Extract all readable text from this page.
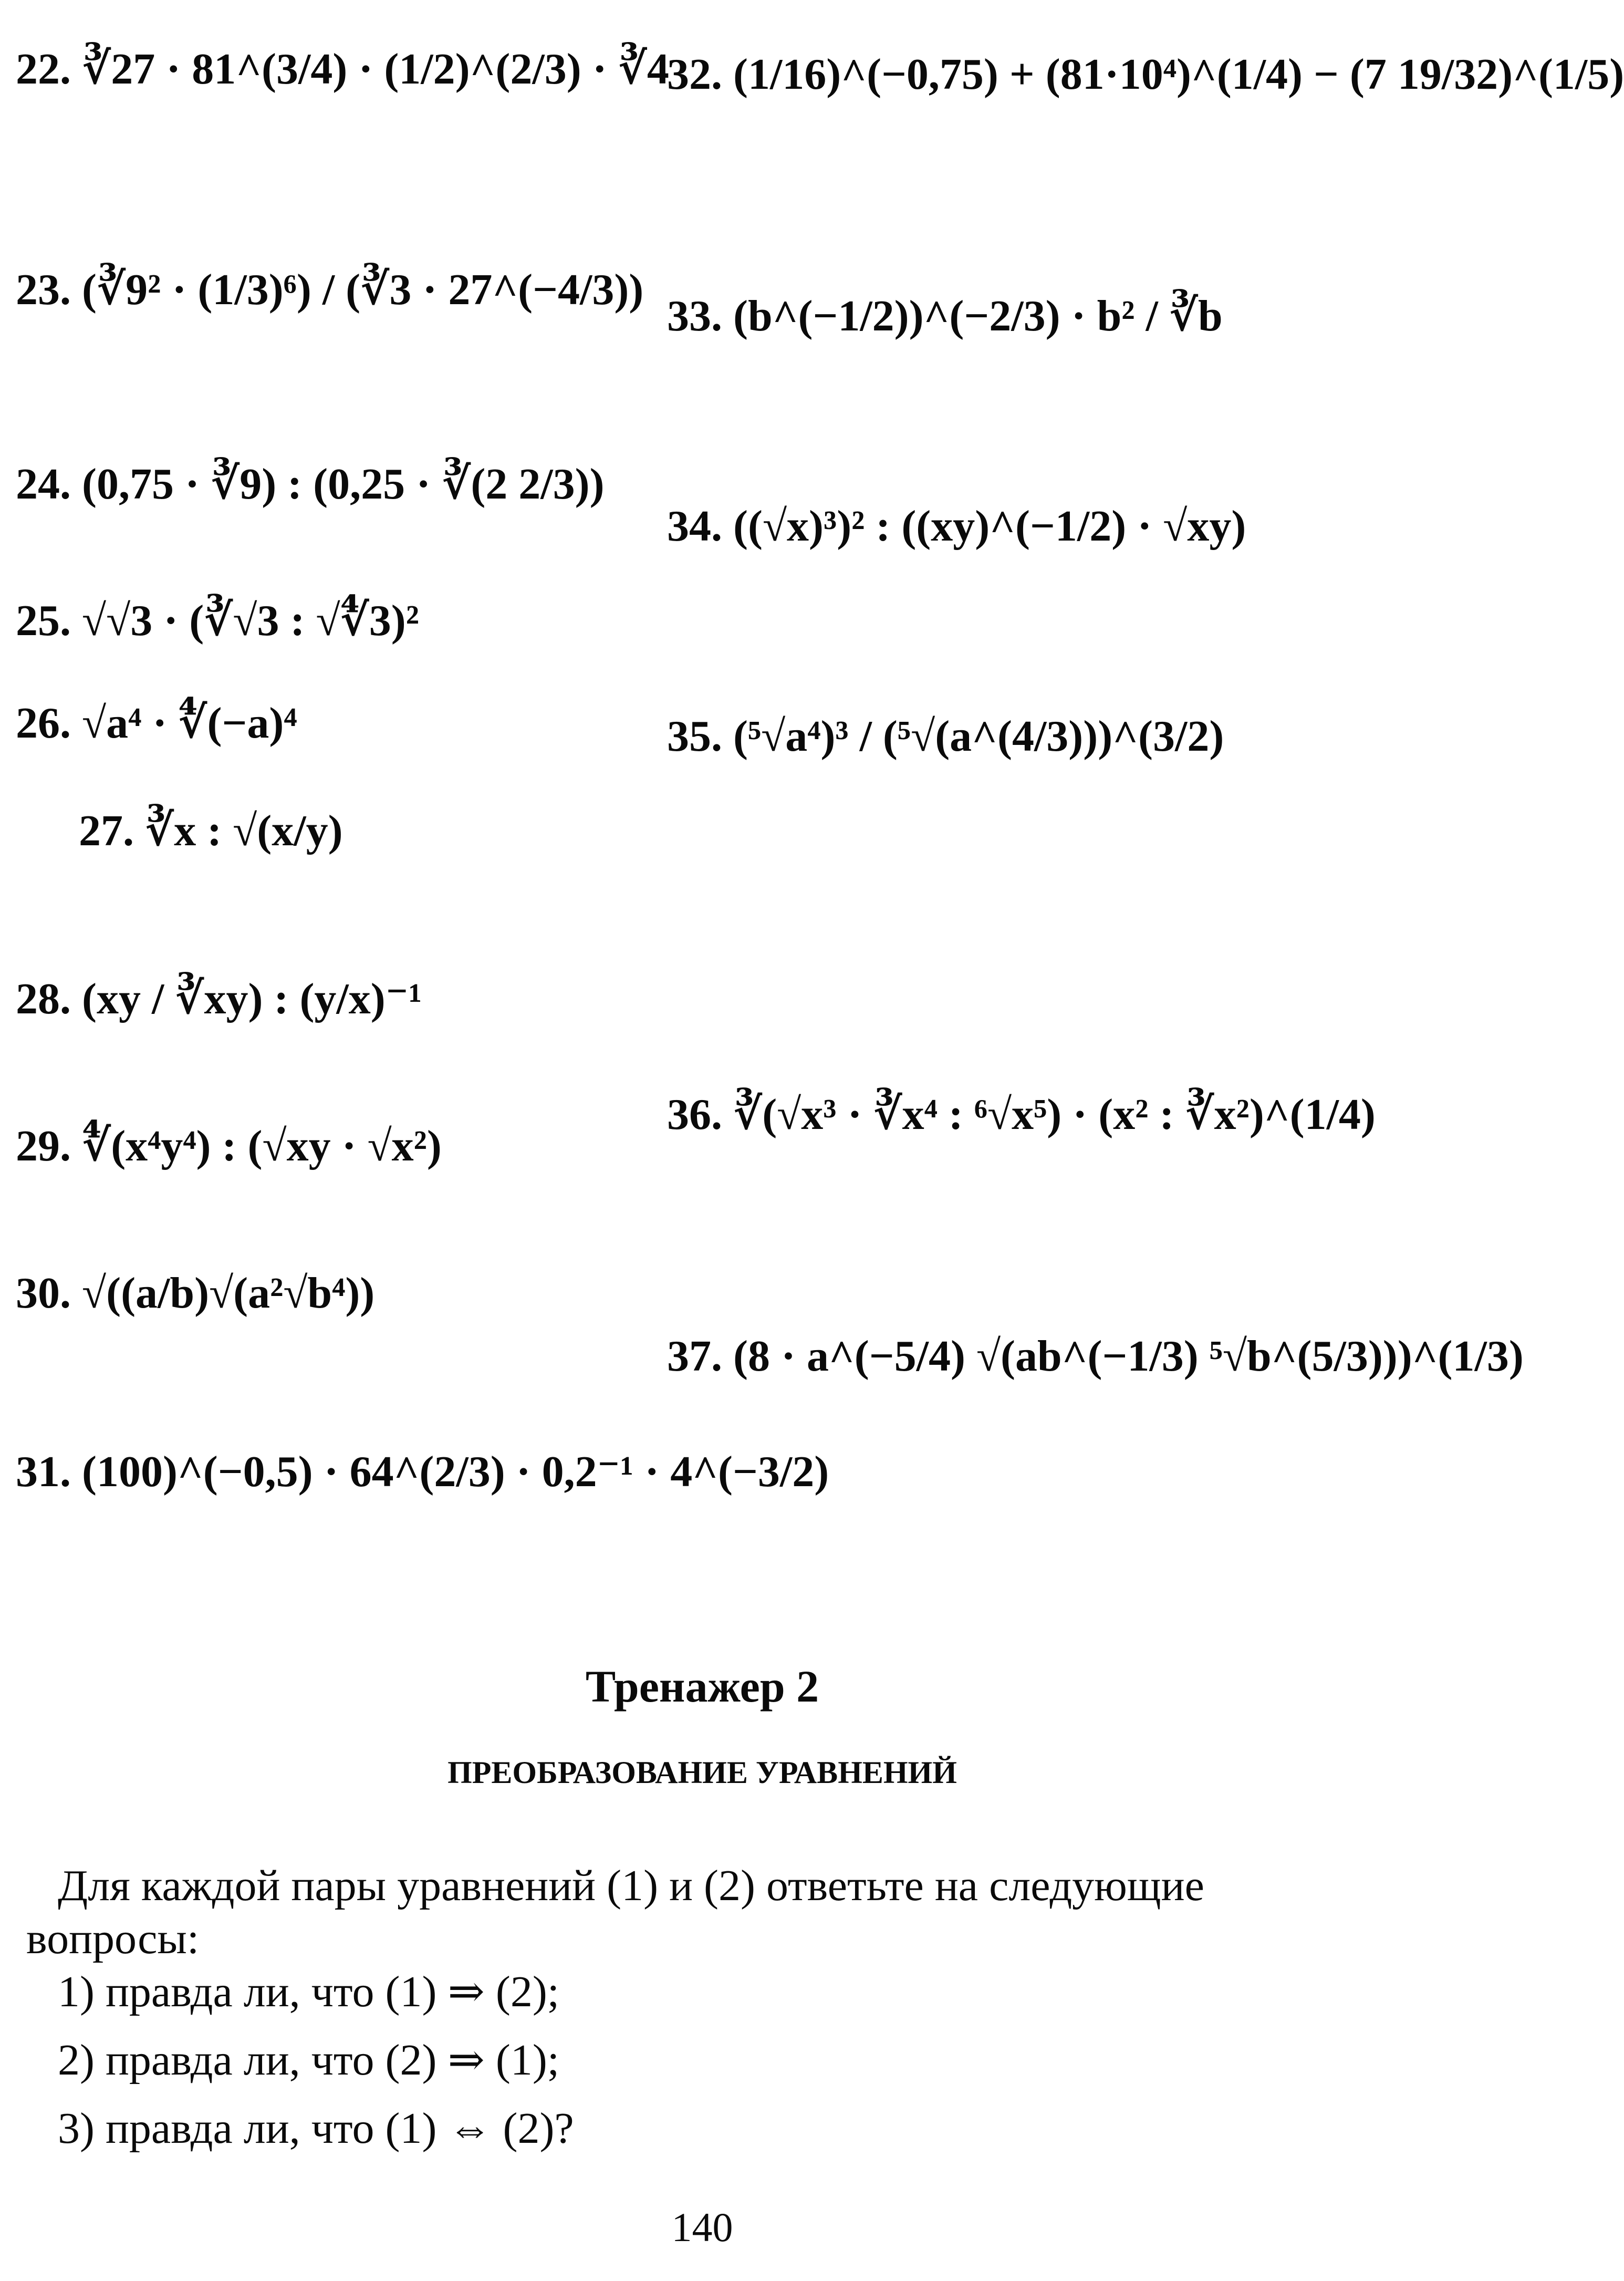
22. ∛27 · 81^(3/4) · (1/2)^(2/3) · ∛4
23. (∛9² · (1/3)⁶) / (∛3 · 27^(−4/3))
24. (0,75 · ∛9) : (0,25 · ∛(2 2/3))
25. √√3 · (∛√3 : √∜3)²
26. √a⁴ · ∜(−a)⁴
27. ∛x : √(x/y)
28. (xy / ∛xy) : (y/x)⁻¹
29. ∜(x⁴y⁴) : (√xy · √x²)
30. √((a/b)√(a²√b⁴))
31. (100)^(−0,5) · 64^(2/3) · 0,2⁻¹ · 4^(−3/2)
32. (1/16)^(−0,75) + (81·10⁴)^(1/4) − (7 19/32)^(1/5)
33. (b^(−1/2))^(−2/3) · b² / ∛b
34. ((√x)³)² : ((xy)^(−1/2) · √xy)
35. (⁵√a⁴)³ / (⁵√(a^(4/3)))^(3/2)
36. ∛(√x³ · ∛x⁴ : ⁶√x⁵) · (x² : ∛x²)^(1/4)
37. (8 · a^(−5/4) √(ab^(−1/3) ⁵√b^(5/3)))^(1/3)
Тренажер 2
ПРЕОБРАЗОВАНИЕ УРАВНЕНИЙ
Для каждой пары уравнений (1) и (2) ответьте на следующие вопросы:
1) правда ли, что (1) ⇒ (2);
2) правда ли, что (2) ⇒ (1);
3) правда ли, что (1) ⇔ (2)?
140
